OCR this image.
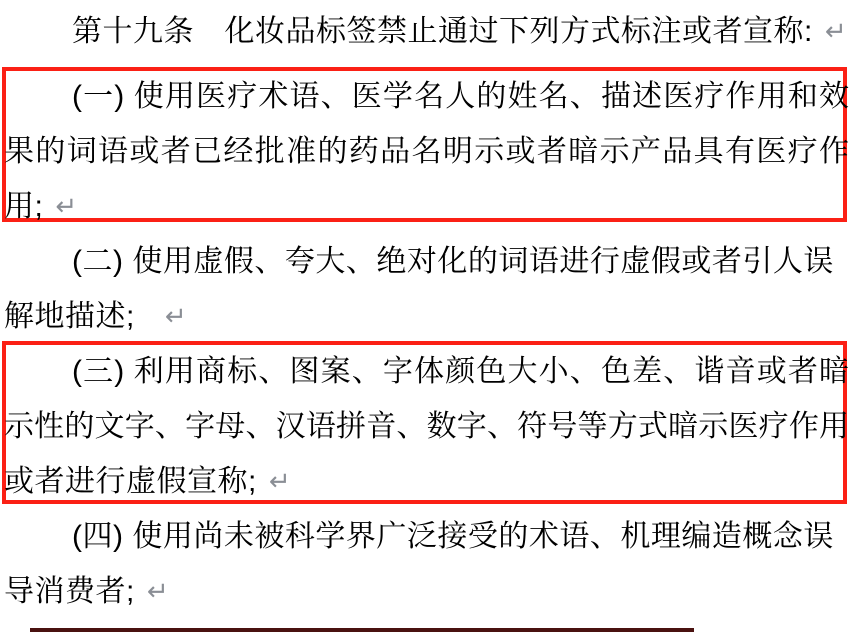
第十九条　化妆品标签禁止通过下列方式标注或者宣称: ↵
(一) 使用医疗术语、医学名人的姓名、描述医疗作用和效
果的词语或者已经批准的药品名明示或者暗示产品具有医疗作
用; ↵
(二) 使用虚假、夸大、绝对化的词语进行虚假或者引人误
解地描述; ↵
(三) 利用商标、图案、字体颜色大小、色差、谐音或者暗
示性的文字、字母、汉语拼音、数字、符号等方式暗示医疗作用
或者进行虚假宣称; ↵
(四) 使用尚未被科学界广泛接受的术语、机理编造概念误
导消费者; ↵
